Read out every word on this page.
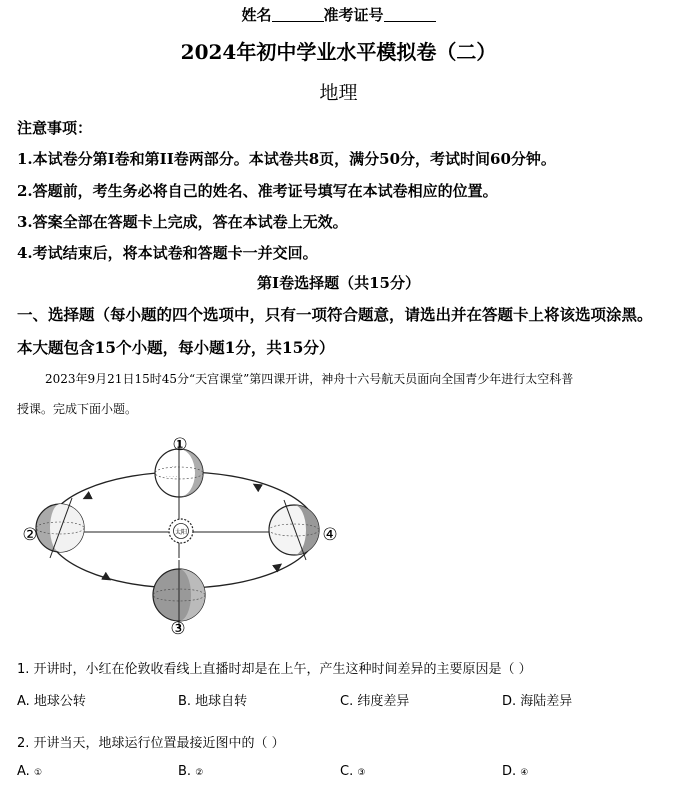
姓名	准考证号
2024年初中学业水平模拟卷（二）
地理
注意事项：
1.本试卷分第I卷和第II卷两部分。本试卷共8页，满分50分，考试时间60分钟。
2.答题前，考生务必将自己的姓名、准考证号填写在本试卷相应的位置。
3.答案全部在答题卡上完成，答在本试卷上无效。
4.考试结束后，将本试卷和答题卡一并交回。
第I卷选择题（共15分）
一、选择题（每小题的四个选项中，只有一项符合题意，请选出并在答题卡上将该选项涂黑。
本大题包含15个小题，每小题1分，共15分）
2023年9月21日15时45分“天宫课堂”第四课开讲，神舟十六号航天员面向全国青少年进行太空科普
授课。完成下面小题。
太阳
· · ·
· · · ·
①
②
③
④
1. 开讲时，小红在伦敦收看线上直播时却是在上午，产生这种时间差异的主要原因是（ ）
A. 地球公转	B. 地球自转	C. 纬度差异	D. 海陆差异
2. 开讲当天，地球运行位置最接近图中的（ ）
A. ①	B. ②	C. ③	D. ④
